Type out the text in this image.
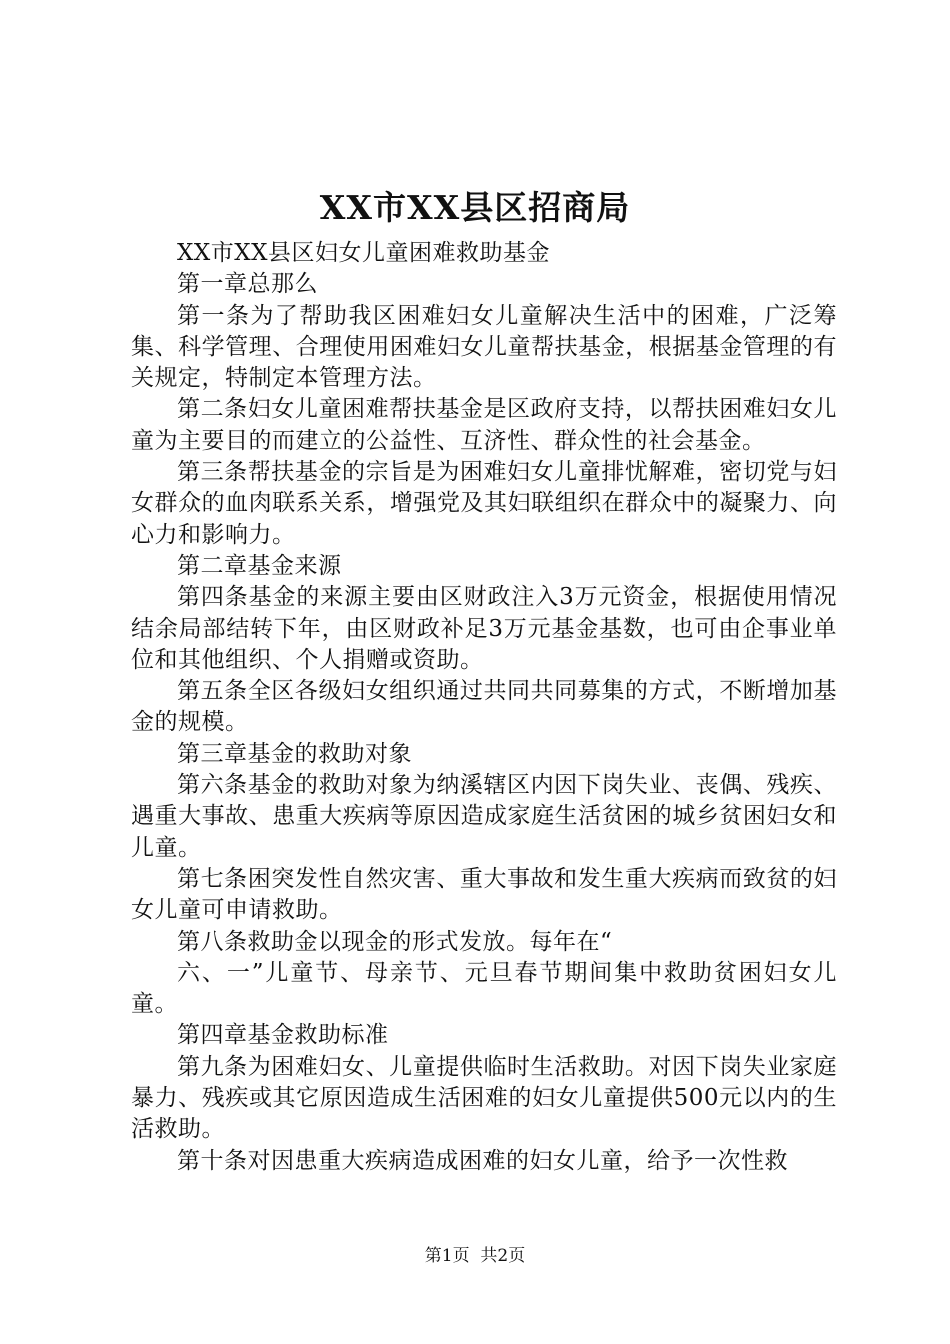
XX市XX县区招商局

XX市XX县区妇女儿童困难救助基金

第一章总那么

第一条为了帮助我区困难妇女儿童解决生活中的困难，广泛筹集、科学管理、合理使用困难妇女儿童帮扶基金，根据基金管理的有关规定，特制定本管理方法。

第二条妇女儿童困难帮扶基金是区政府支持，以帮扶困难妇女儿童为主要目的而建立的公益性、互济性、群众性的社会基金。

第三条帮扶基金的宗旨是为困难妇女儿童排忧解难，密切党与妇女群众的血肉联系关系，增强党及其妇联组织在群众中的凝聚力、向心力和影响力。

第二章基金来源

第四条基金的来源主要由区财政注入3万元资金，根据使用情况结余局部结转下年，由区财政补足3万元基金基数，也可由企事业单位和其他组织、个人捐赠或资助。

第五条全区各级妇女组织通过共同共同募集的方式，不断增加基金的规模。

第三章基金的救助对象

第六条基金的救助对象为纳溪辖区内因下岗失业、丧偶、残疾、遇重大事故、患重大疾病等原因造成家庭生活贫困的城乡贫困妇女和儿童。

第七条困突发性自然灾害、重大事故和发生重大疾病而致贫的妇女儿童可申请救助。

第八条救助金以现金的形式发放。每年在“

六、一”儿童节、母亲节、元旦春节期间集中救助贫困妇女儿童。

第四章基金救助标准

第九条为困难妇女、儿童提供临时生活救助。对因下岗失业家庭暴力、残疾或其它原因造成生活困难的妇女儿童提供500元以内的生活救助。

第十条对因患重大疾病造成困难的妇女儿童，给予一次性救

第1页 共2页
